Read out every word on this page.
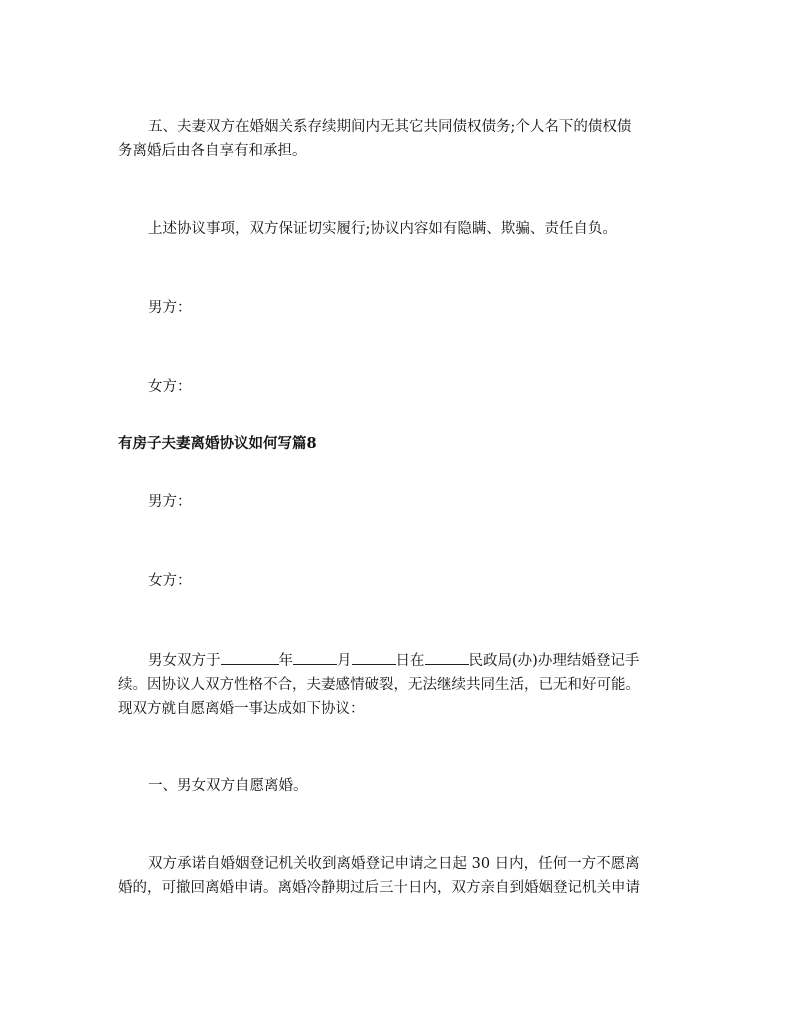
五、夫妻双方在婚姻关系存续期间内无其它共同债权债务;个人名下的债权债
务离婚后由各自享有和承担。
上述协议事项，双方保证切实履行;协议内容如有隐瞒、欺骗、责任自负。
男方：
女方：
有房子夫妻离婚协议如何写篇8
男方：
女方：
男女双方于	年	月	日在	民政局(办)办理结婚登记手
续。因协议人双方性格不合，夫妻感情破裂，无法继续共同生活，已无和好可能。
现双方就自愿离婚一事达成如下协议：
一、男女双方自愿离婚。
双方承诺自婚姻登记机关收到离婚登记申请之日起 30 日内，任何一方不愿离
婚的，可撤回离婚申请。离婚冷静期过后三十日内，双方亲自到婚姻登记机关申请
